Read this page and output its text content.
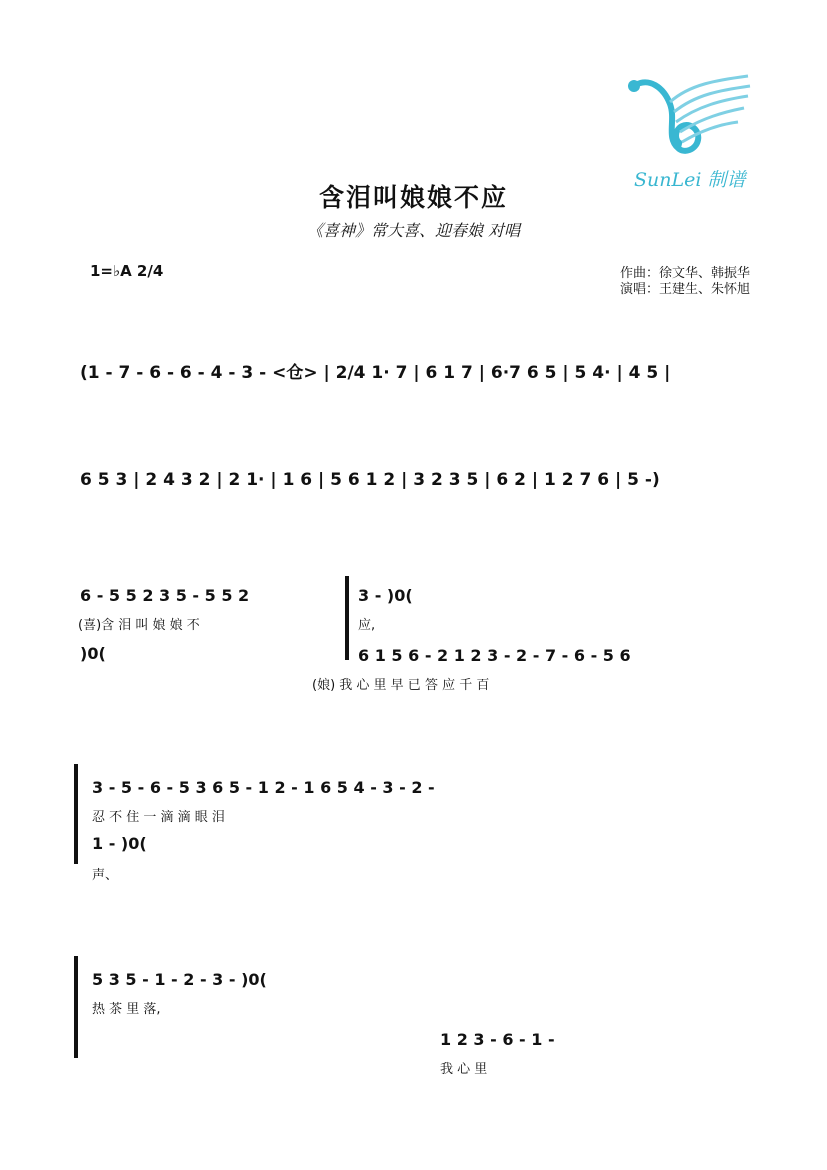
SunLei 制谱
含泪叫娘娘不应
《喜神》常大喜、迎春娘 对唱
作曲：徐文华、韩振华
演唱：王建生、朱怀旭
1=♭A 2/4
(1 - 7 - 6 - 6 - 4 - 3 - <仓> | 2/4 1· 7 | 6 1 7 | 6·7 6 5 | 5 4· | 4 5 |
6 5 3 | 2 4 3 2 | 2 1· | 1 6 | 5 6 1 2 | 3 2 3 5 | 6 2 | 1 2 7 6 | 5 -)
6 - 5 5 2 3 5 - 5 5 2
(喜)含 泪 叫 娘 娘 不
)0(
3 - )0(
应,
6 1 5 6 - 2 1 2 3 - 2 - 7 - 6 - 5 6
(娘) 我 心 里 早 已 答 应 千 百
3 - 5 - 6 - 5 3 6 5 - 1 2 - 1 6 5 4 - 3 - 2 -
忍 不 住 一 滴 滴 眼 泪
1 - )0(
声、
5 3 5 - 1 - 2 - 3 - )0(
热 茶 里 落,
1 2 3 - 6 - 1 -
我 心 里
